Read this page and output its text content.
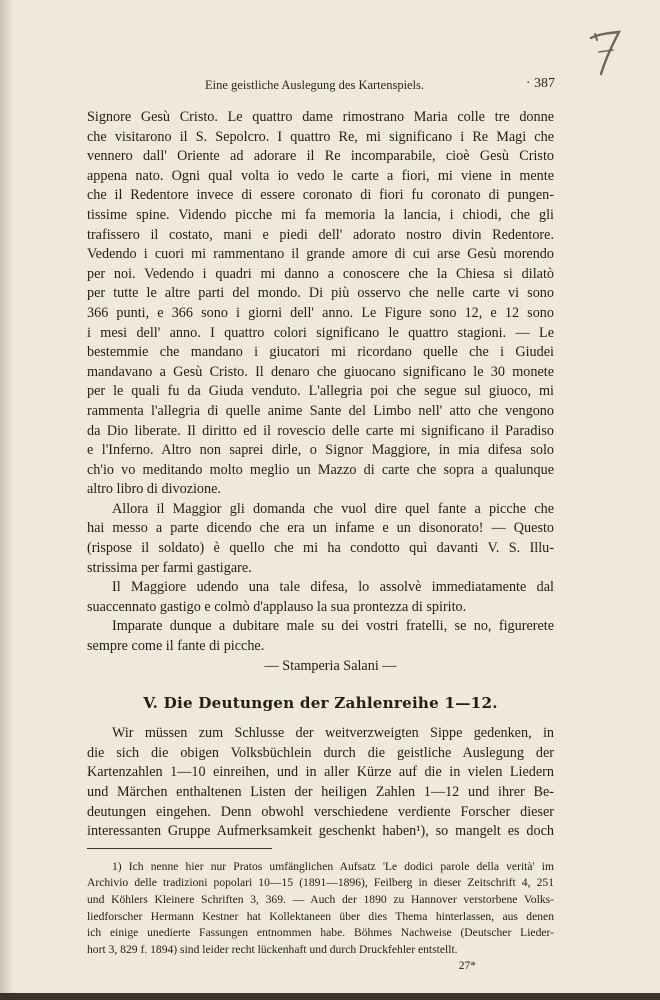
Eine geistliche Auslegung des Kartenspiels.	· 387
Signore Gesù Cristo. Le quattro dame rimostrano Maria colle tre donne
che visitarono il S. Sepolcro. I quattro Re, mi significano i Re Magi che
vennero dall' Oriente ad adorare il Re incomparabile, cioè Gesù Cristo
appena nato. Ogni qual volta io vedo le carte a fiori, mi viene in mente
che il Redentore invece di essere coronato di fiori fu coronato di pungen-
tissime spine. Videndo picche mi fa memoria la lancia, i chiodi, che gli
trafissero il costato, mani e piedi dell' adorato nostro divin Redentore.
Vedendo i cuori mi rammentano il grande amore di cui arse Gesù morendo
per noi. Vedendo i quadri mi danno a conoscere che la Chiesa si dilatò
per tutte le altre parti del mondo. Di più osservo che nelle carte vi sono
366 punti, e 366 sono i giorni dell' anno. Le Figure sono 12, e 12 sono
i mesi dell' anno. I quattro colori significano le quattro stagioni. — Le
bestemmie che mandano i giucatori mi ricordano quelle che i Giudei
mandavano a Gesù Cristo. Il denaro che giuocano significano le 30 monete
per le quali fu da Giuda venduto. L'allegria poi che segue sul giuoco, mi
rammenta l'allegria di quelle anime Sante del Limbo nell' atto che vengono
da Dio liberate. Il diritto ed il rovescio delle carte mi significano il Paradiso
e l'Inferno. Altro non saprei dirle, o Signor Maggiore, in mia difesa solo
ch'io vo meditando molto meglio un Mazzo di carte che sopra a qualunque
altro libro di divozione.
Allora il Maggior gli domanda che vuol dire quel fante a picche che
hai messo a parte dicendo che era un infame e un disonorato! — Questo
(rispose il soldato) è quello che mi ha condotto quì davanti V. S. Illu-
strissima per farmi gastigare.
Il Maggiore udendo una tale difesa, lo assolvè immediatamente dal
suaccennato gastigo e colmò d'applauso la sua prontezza di spirito.
Imparate dunque a dubitare male su dei vostri fratelli, se no, figurerete
sempre come il fante di picche.
— Stamperia Salani —
V. Die Deutungen der Zahlenreihe 1—12.
Wir müssen zum Schlusse der weitverzweigten Sippe gedenken, in
die sich die obigen Volksbüchlein durch die geistliche Auslegung der
Kartenzahlen 1—10 einreihen, und in aller Kürze auf die in vielen Liedern
und Märchen enthaltenen Listen der heiligen Zahlen 1—12 und ihrer Be-
deutungen eingehen. Denn obwohl verschiedene verdiente Forscher dieser
interessanten Gruppe Aufmerksamkeit geschenkt haben¹), so mangelt es doch
1) Ich nenne hier nur Pratos umfänglichen Aufsatz 'Le dodici parole della verità' im
Archivio delle tradizioni popolari 10—15 (1891—1896), Feilberg in dieser Zeitschrift 4, 251
und Köhlers Kleinere Schriften 3, 369. — Auch der 1890 zu Hannover verstorbene Volks-
liedforscher Hermann Kestner hat Kollektaneen über dies Thema hinterlassen, aus denen
ich einige unedierte Fassungen entnommen habe. Böhmes Nachweise (Deutscher Lieder-
hort 3, 829 f. 1894) sind leider recht lückenhaft und durch Druckfehler entstellt.
27*
